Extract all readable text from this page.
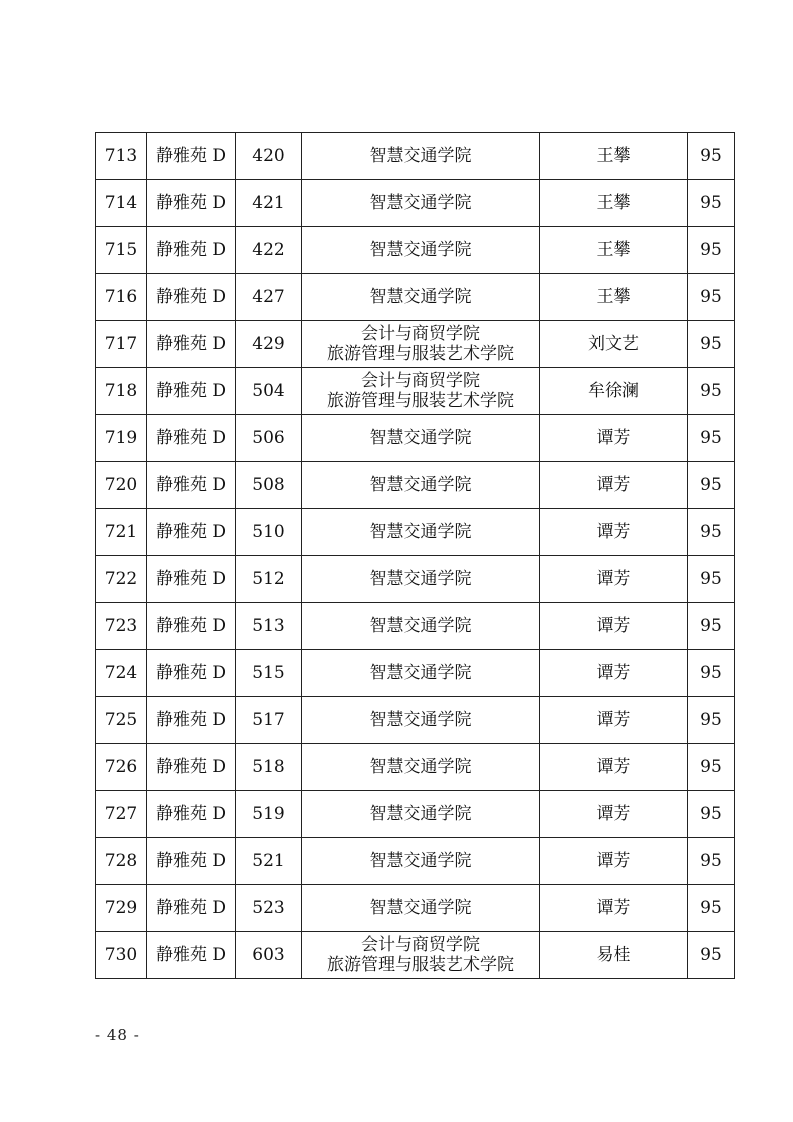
713	静雅苑 D	420	智慧交通学院	王攀	95
714	静雅苑 D	421	智慧交通学院	王攀	95
715	静雅苑 D	422	智慧交通学院	王攀	95
716	静雅苑 D	427	智慧交通学院	王攀	95
717	静雅苑 D	429	会计与商贸学院
旅游管理与服装艺术学院	刘文艺	95
718	静雅苑 D	504	会计与商贸学院
旅游管理与服装艺术学院	牟徐澜	95
719	静雅苑 D	506	智慧交通学院	谭芳	95
720	静雅苑 D	508	智慧交通学院	谭芳	95
721	静雅苑 D	510	智慧交通学院	谭芳	95
722	静雅苑 D	512	智慧交通学院	谭芳	95
723	静雅苑 D	513	智慧交通学院	谭芳	95
724	静雅苑 D	515	智慧交通学院	谭芳	95
725	静雅苑 D	517	智慧交通学院	谭芳	95
726	静雅苑 D	518	智慧交通学院	谭芳	95
727	静雅苑 D	519	智慧交通学院	谭芳	95
728	静雅苑 D	521	智慧交通学院	谭芳	95
729	静雅苑 D	523	智慧交通学院	谭芳	95
730	静雅苑 D	603	会计与商贸学院
旅游管理与服装艺术学院	易桂	95
- 48 -
